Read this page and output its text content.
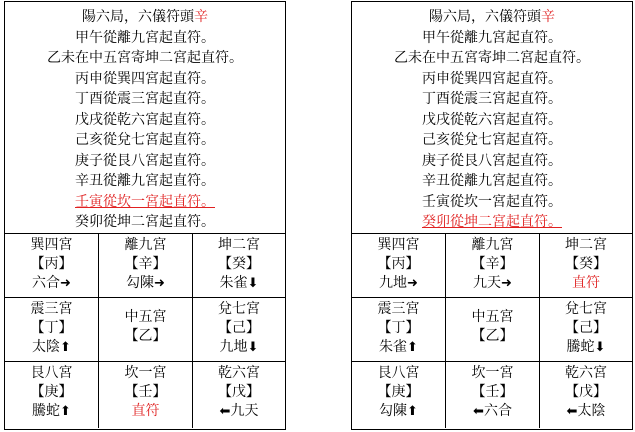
陽六局，六儀符頭辛
甲午從離九宮起直符。
乙未在中五宮寄坤二宮起直符。
丙申從巽四宮起直符。
丁酉從震三宮起直符。
戊戌從乾六宮起直符。
己亥從兌七宮起直符。
庚子從艮八宮起直符。
辛丑從離九宮起直符。
壬寅從坎一宮起直符。
癸卯從坤二宮起直符。
巽四宮
【丙】
六合➜
離九宮
【辛】
勾陳➜
坤二宮
【癸】
朱雀⬇
震三宮
【丁】
太陰⬆
中五宮
【乙】
兌七宮
【己】
九地⬇
艮八宮
【庚】
騰蛇⬆
坎一宮
【壬】
直符
乾六宮
【戊】
⬅九天
陽六局，六儀符頭辛
甲午從離九宮起直符。
乙未在中五宮寄坤二宮起直符。
丙申從巽四宮起直符。
丁酉從震三宮起直符。
戊戌從乾六宮起直符。
己亥從兌七宮起直符。
庚子從艮八宮起直符。
辛丑從離九宮起直符。
壬寅從坎一宮起直符。
癸卯從坤二宮起直符。
巽四宮
【丙】
九地➜
離九宮
【辛】
九天➜
坤二宮
【癸】
直符
震三宮
【丁】
朱雀⬆
中五宮
【乙】
兌七宮
【己】
騰蛇⬇
艮八宮
【庚】
勾陳⬆
坎一宮
【壬】
⬅六合
乾六宮
【戊】
⬅太陰
